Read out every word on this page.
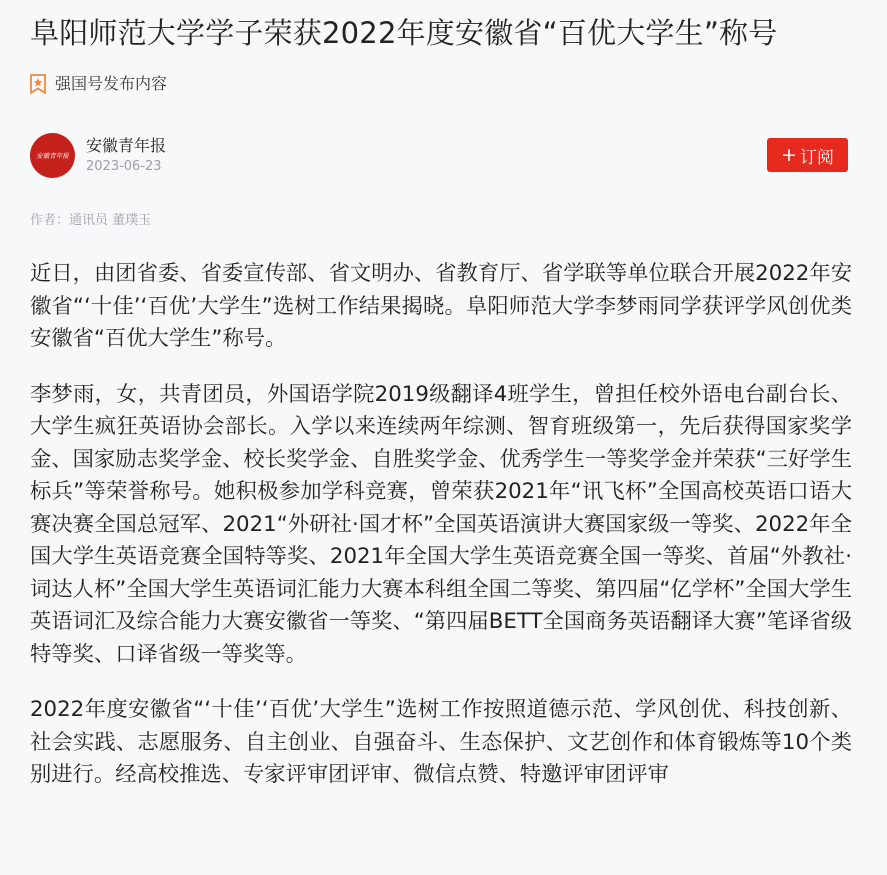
阜阳师范大学学子荣获2022年度安徽省“百优大学生”称号
强国号发布内容
安徽青年报
安徽青年报
2023-06-23
+ 订阅
作者：通讯员 董璞玉

近日，由团省委、省委宣传部、省文明办、省教育厅、省学联等单位联合开展2022年安徽省“‘十佳’‘百优’大学生”选树工作结果揭晓。阜阳师范大学李梦雨同学获评学风创优类安徽省“百优大学生”称号。

李梦雨，女，共青团员，外国语学院2019级翻译4班学生，曾担任校外语电台副台长、大学生疯狂英语协会部长。入学以来连续两年综测、智育班级第一，先后获得国家奖学金、国家励志奖学金、校长奖学金、自胜奖学金、优秀学生一等奖学金并荣获“三好学生标兵”等荣誉称号。她积极参加学科竞赛，曾荣获2021年“讯飞杯”全国高校英语口语大赛决赛全国总冠军、2021“外研社·国才杯”全国英语演讲大赛国家级一等奖、2022年全国大学生英语竞赛全国特等奖、2021年全国大学生英语竞赛全国一等奖、首届“外教社·词达人杯”全国大学生英语词汇能力大赛本科组全国二等奖、第四届“亿学杯”全国大学生英语词汇及综合能力大赛安徽省一等奖、“第四届BETT全国商务英语翻译大赛”笔译省级特等奖、口译省级一等奖等。

2022年度安徽省“‘十佳’‘百优’大学生”选树工作按照道德示范、学风创优、科技创新、社会实践、志愿服务、自主创业、自强奋斗、生态保护、文艺创作和体育锻炼等10个类别进行。经高校推选、专家评审团评审、微信点赞、特邀评审团评审
